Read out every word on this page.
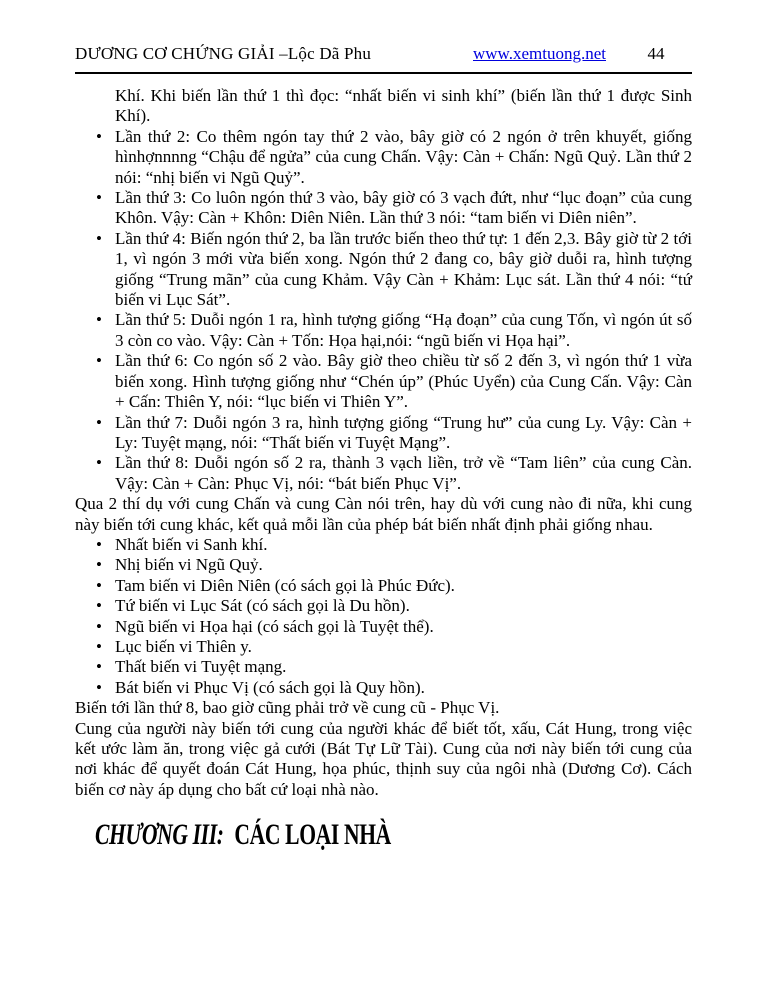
DƯƠNG CƠ CHỨNG GIẢI –Lộc Dã Phu	www.xemtuong.net	44
Khí. Khi biến lần thứ 1 thì đọc: “nhất biến vi sinh khí” (biến lần thứ 1 được Sinh Khí).
• Lần thứ 2: Co thêm ngón tay thứ 2 vào, bây giờ có 2 ngón ở trên khuyết, giống hìnhợnnnng “Chậu để ngửa” của cung Chấn. Vậy: Càn + Chấn: Ngũ Quỷ. Lần thứ 2 nói: “nhị biến vi Ngũ Quỷ”.
• Lần thứ 3: Co luôn ngón thứ 3 vào, bây giờ có 3 vạch đứt, như “lục đoạn” của cung Khôn. Vậy: Càn + Khôn: Diên Niên. Lần thứ 3 nói: “tam biến vi Diên niên”.
• Lần thứ 4: Biến ngón thứ 2, ba lần trước biến theo thứ tự: 1 đến 2,3. Bây giờ từ 2 tới 1, vì ngón 3 mới vừa biến xong. Ngón thứ 2 đang co, bây giờ duỗi ra, hình tượng giống “Trung mãn” của cung Khảm. Vậy Càn + Khảm: Lục sát. Lần thứ 4 nói: “tứ biến vi Lục Sát”.
• Lần thứ 5: Duỗi ngón 1 ra, hình tượng giống “Hạ đoạn” của cung Tốn, vì ngón út số 3 còn co vào. Vậy: Càn + Tốn: Họa hại,nói: “ngũ biến vi Họa hại”.
• Lần thứ 6: Co ngón số 2 vào. Bây giờ theo chiều từ số 2 đến 3, vì ngón thứ 1 vừa biến xong. Hình tượng giống như “Chén úp” (Phúc Uyển) của Cung Cấn. Vậy: Càn + Cấn: Thiên Y, nói: “lục biến vi Thiên Y”.
• Lần thứ 7: Duỗi ngón 3 ra, hình tượng giống “Trung hư” của cung Ly. Vậy: Càn + Ly: Tuyệt mạng, nói: “Thất biến vi Tuyệt Mạng”.
• Lần thứ 8: Duỗi ngón số 2 ra, thành 3 vạch liền, trở về “Tam liên” của cung Càn. Vậy: Càn + Càn: Phục Vị, nói: “bát biến Phục Vị”.

Qua 2 thí dụ với cung Chấn và cung Càn nói trên, hay dù với cung nào đi nữa, khi cung này biến tới cung khác, kết quả mỗi lần của phép bát biến nhất định phải giống nhau.

• Nhất biến vi Sanh khí.
• Nhị biến vi Ngũ Quỷ.
• Tam biến vi Diên Niên (có sách gọi là Phúc Đức).
• Tứ biến vi Lục Sát (có sách gọi là Du hồn).
• Ngũ biến vi Họa hại (có sách gọi là Tuyệt thể).
• Lục biến vi Thiên y.
• Thất biến vi Tuyệt mạng.
• Bát biến vi Phục Vị (có sách gọi là Quy hồn).

Biến tới lần thứ 8, bao giờ cũng phải trở về cung cũ - Phục Vị.

Cung của người này biến tới cung của người khác để biết tốt, xấu, Cát Hung, trong việc kết ước làm ăn, trong việc gả cưới (Bát Tự Lữ Tài). Cung của nơi này biến tới cung của nơi khác để quyết đoán Cát Hung, họa phúc, thịnh suy của ngôi nhà (Dương Cơ). Cách biến cơ này áp dụng cho bất cứ loại nhà nào.

CHƯƠNG III: CÁC LOẠI NHÀ
